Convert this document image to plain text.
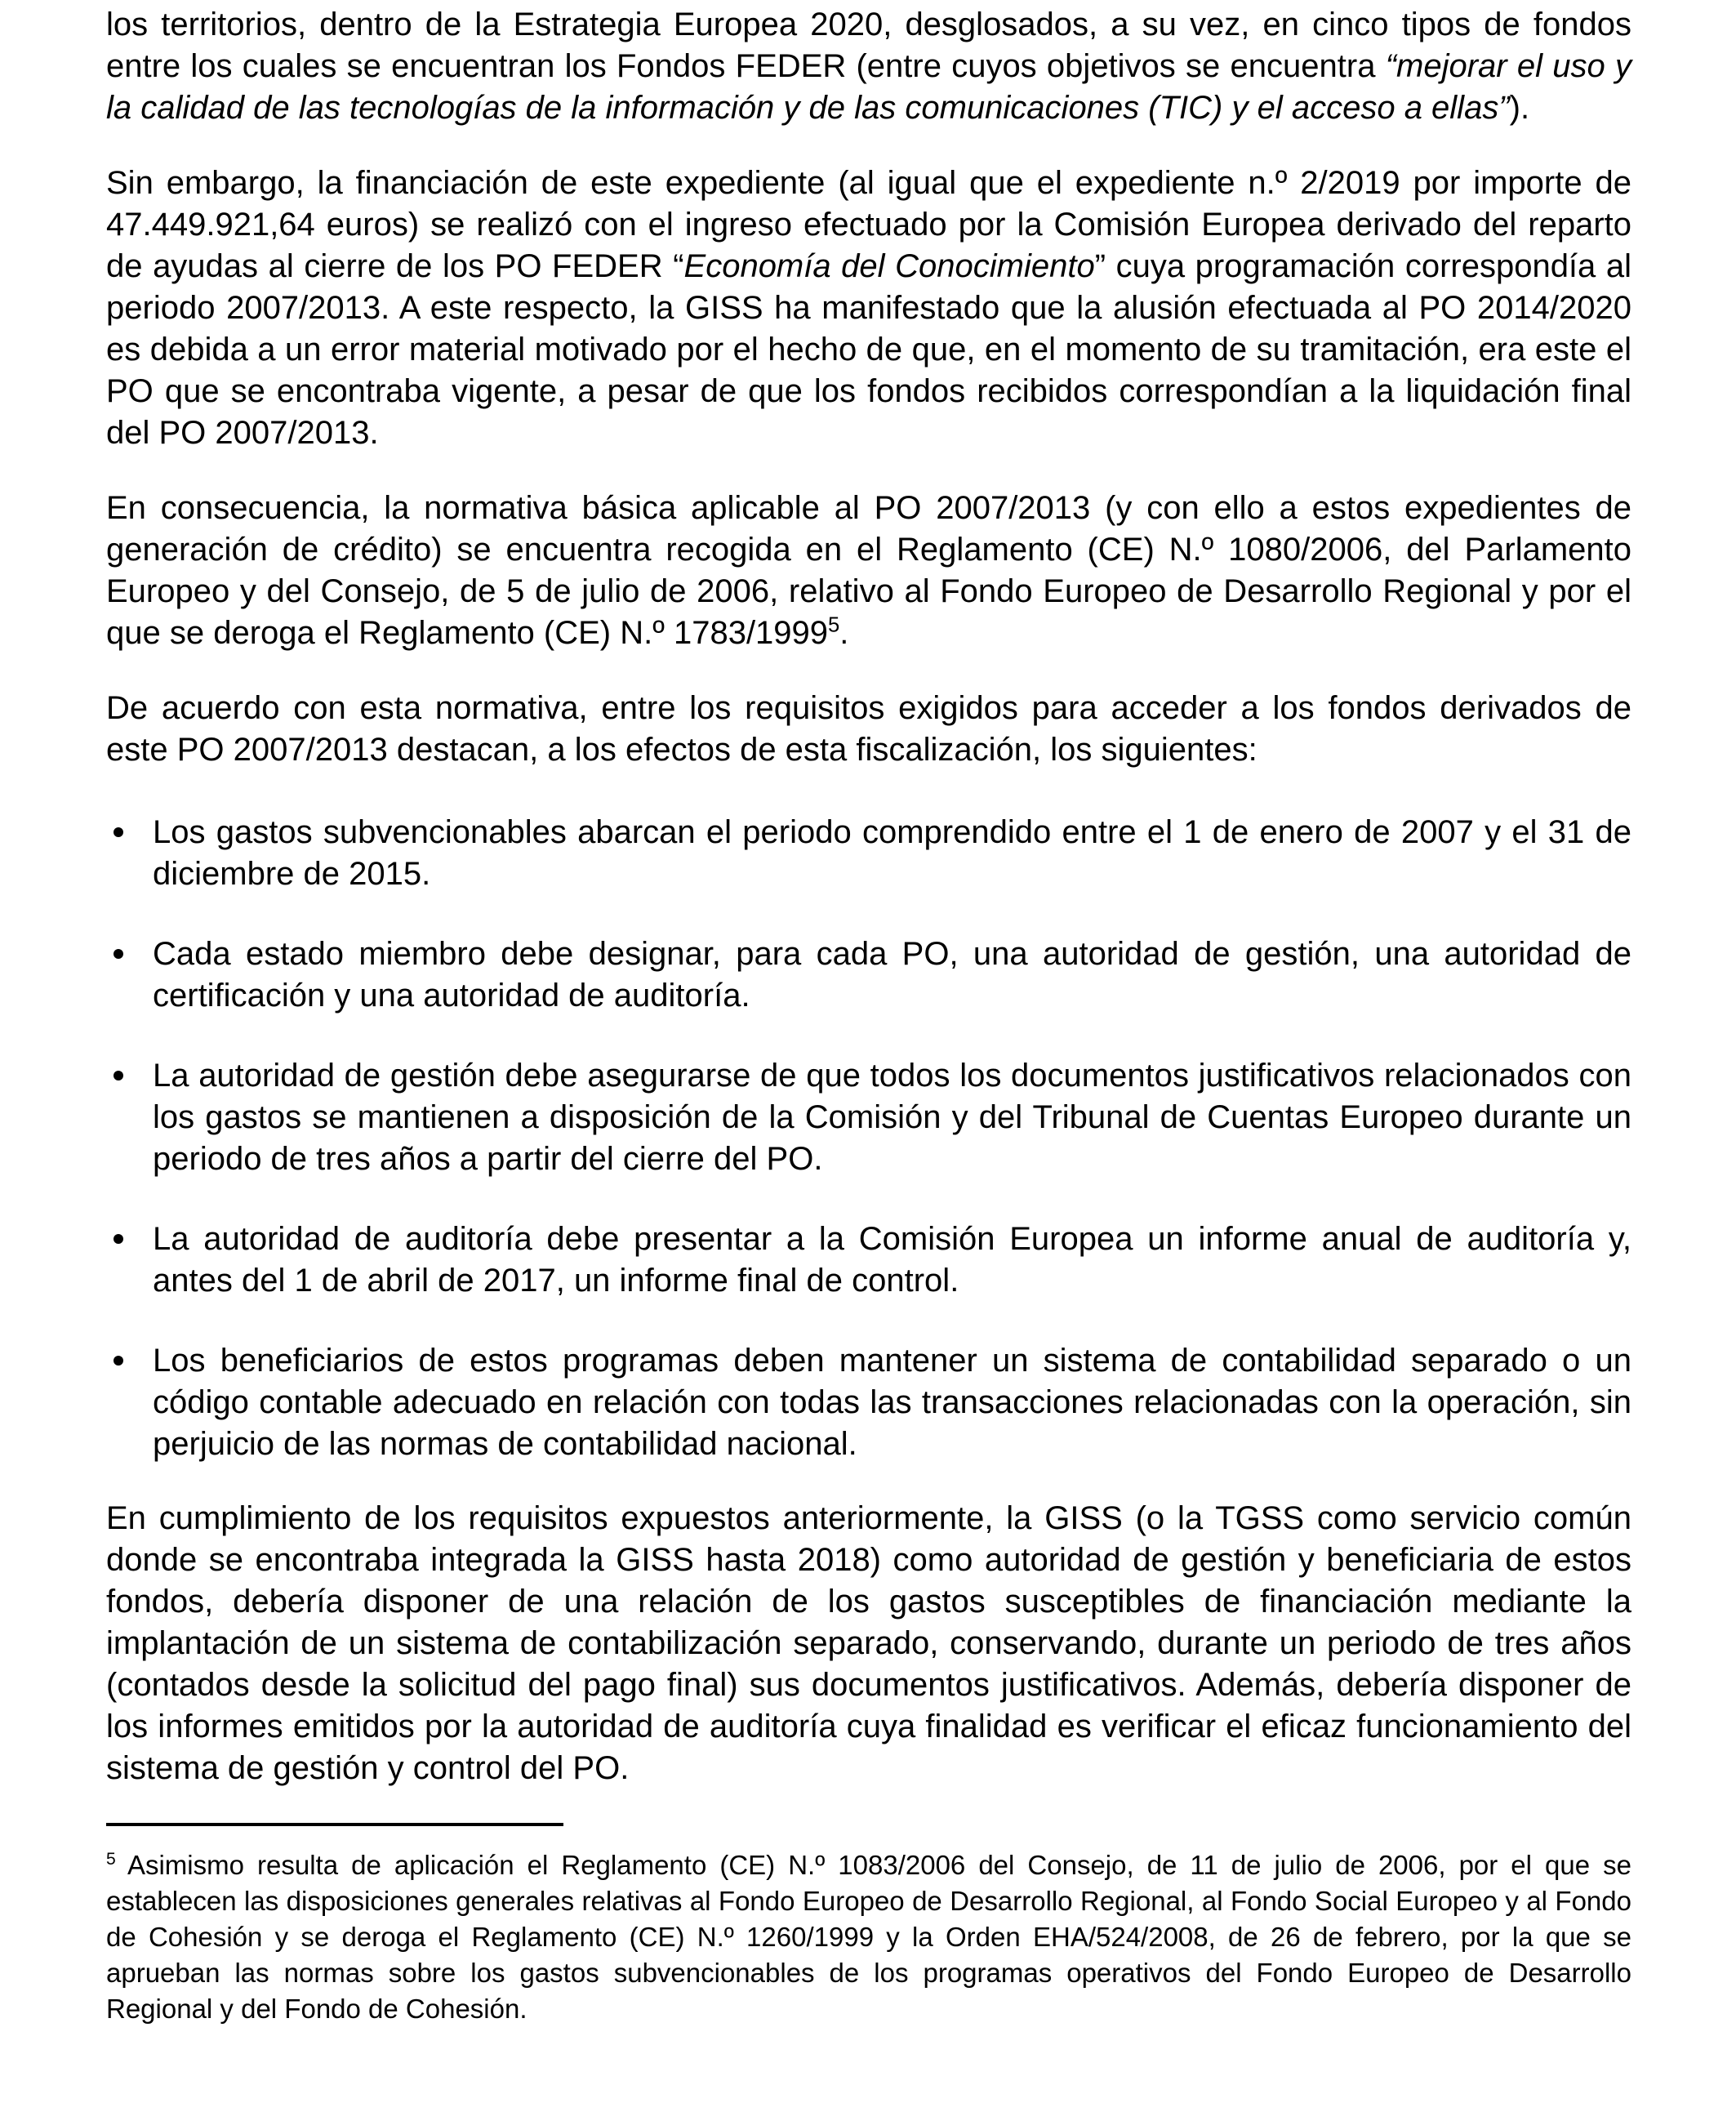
los territorios, dentro de la Estrategia Europea 2020, desglosados, a su vez, en cinco tipos de fondos entre los cuales se encuentran los Fondos FEDER (entre cuyos objetivos se encuentra “mejorar el uso y la calidad de las tecnologías de la información y de las comunicaciones (TIC) y el acceso a ellas”).

Sin embargo, la financiación de este expediente (al igual que el expediente n.º 2/2019 por importe de 47.449.921,64 euros) se realizó con el ingreso efectuado por la Comisión Europea derivado del reparto de ayudas al cierre de los PO FEDER “Economía del Conocimiento” cuya programación correspondía al periodo 2007/2013. A este respecto, la GISS ha manifestado que la alusión efectuada al PO 2014/2020 es debida a un error material motivado por el hecho de que, en el momento de su tramitación, era este el PO que se encontraba vigente, a pesar de que los fondos recibidos correspondían a la liquidación final del PO 2007/2013.

En consecuencia, la normativa básica aplicable al PO 2007/2013 (y con ello a estos expedientes de generación de crédito) se encuentra recogida en el Reglamento (CE) N.º 1080/2006, del Parlamento Europeo y del Consejo, de 5 de julio de 2006, relativo al Fondo Europeo de Desarrollo Regional y por el que se deroga el Reglamento (CE) N.º 1783/1999$^5$.

De acuerdo con esta normativa, entre los requisitos exigidos para acceder a los fondos derivados de este PO 2007/2013 destacan, a los efectos de esta fiscalización, los siguientes:

Los gastos subvencionables abarcan el periodo comprendido entre el 1 de enero de 2007 y el 31 de diciembre de 2015.
Cada estado miembro debe designar, para cada PO, una autoridad de gestión, una autoridad de certificación y una autoridad de auditoría.
La autoridad de gestión debe asegurarse de que todos los documentos justificativos relacionados con los gastos se mantienen a disposición de la Comisión y del Tribunal de Cuentas Europeo durante un periodo de tres años a partir del cierre del PO.
La autoridad de auditoría debe presentar a la Comisión Europea un informe anual de auditoría y, antes del 1 de abril de 2017, un informe final de control.
Los beneficiarios de estos programas deben mantener un sistema de contabilidad separado o un código contable adecuado en relación con todas las transacciones relacionadas con la operación, sin perjuicio de las normas de contabilidad nacional.

En cumplimiento de los requisitos expuestos anteriormente, la GISS (o la TGSS como servicio común donde se encontraba integrada la GISS hasta 2018) como autoridad de gestión y beneficiaria de estos fondos, debería disponer de una relación de los gastos susceptibles de financiación mediante la implantación de un sistema de contabilización separado, conservando, durante un periodo de tres años (contados desde la solicitud del pago final) sus documentos justificativos. Además, debería disponer de los informes emitidos por la autoridad de auditoría cuya finalidad es verificar el eficaz funcionamiento del sistema de gestión y control del PO.

$^5$ Asimismo resulta de aplicación el Reglamento (CE) N.º 1083/2006 del Consejo, de 11 de julio de 2006, por el que se establecen las disposiciones generales relativas al Fondo Europeo de Desarrollo Regional, al Fondo Social Europeo y al Fondo de Cohesión y se deroga el Reglamento (CE) N.º 1260/1999 y la Orden EHA/524/2008, de 26 de febrero, por la que se aprueban las normas sobre los gastos subvencionables de los programas operativos del Fondo Europeo de Desarrollo Regional y del Fondo de Cohesión.
